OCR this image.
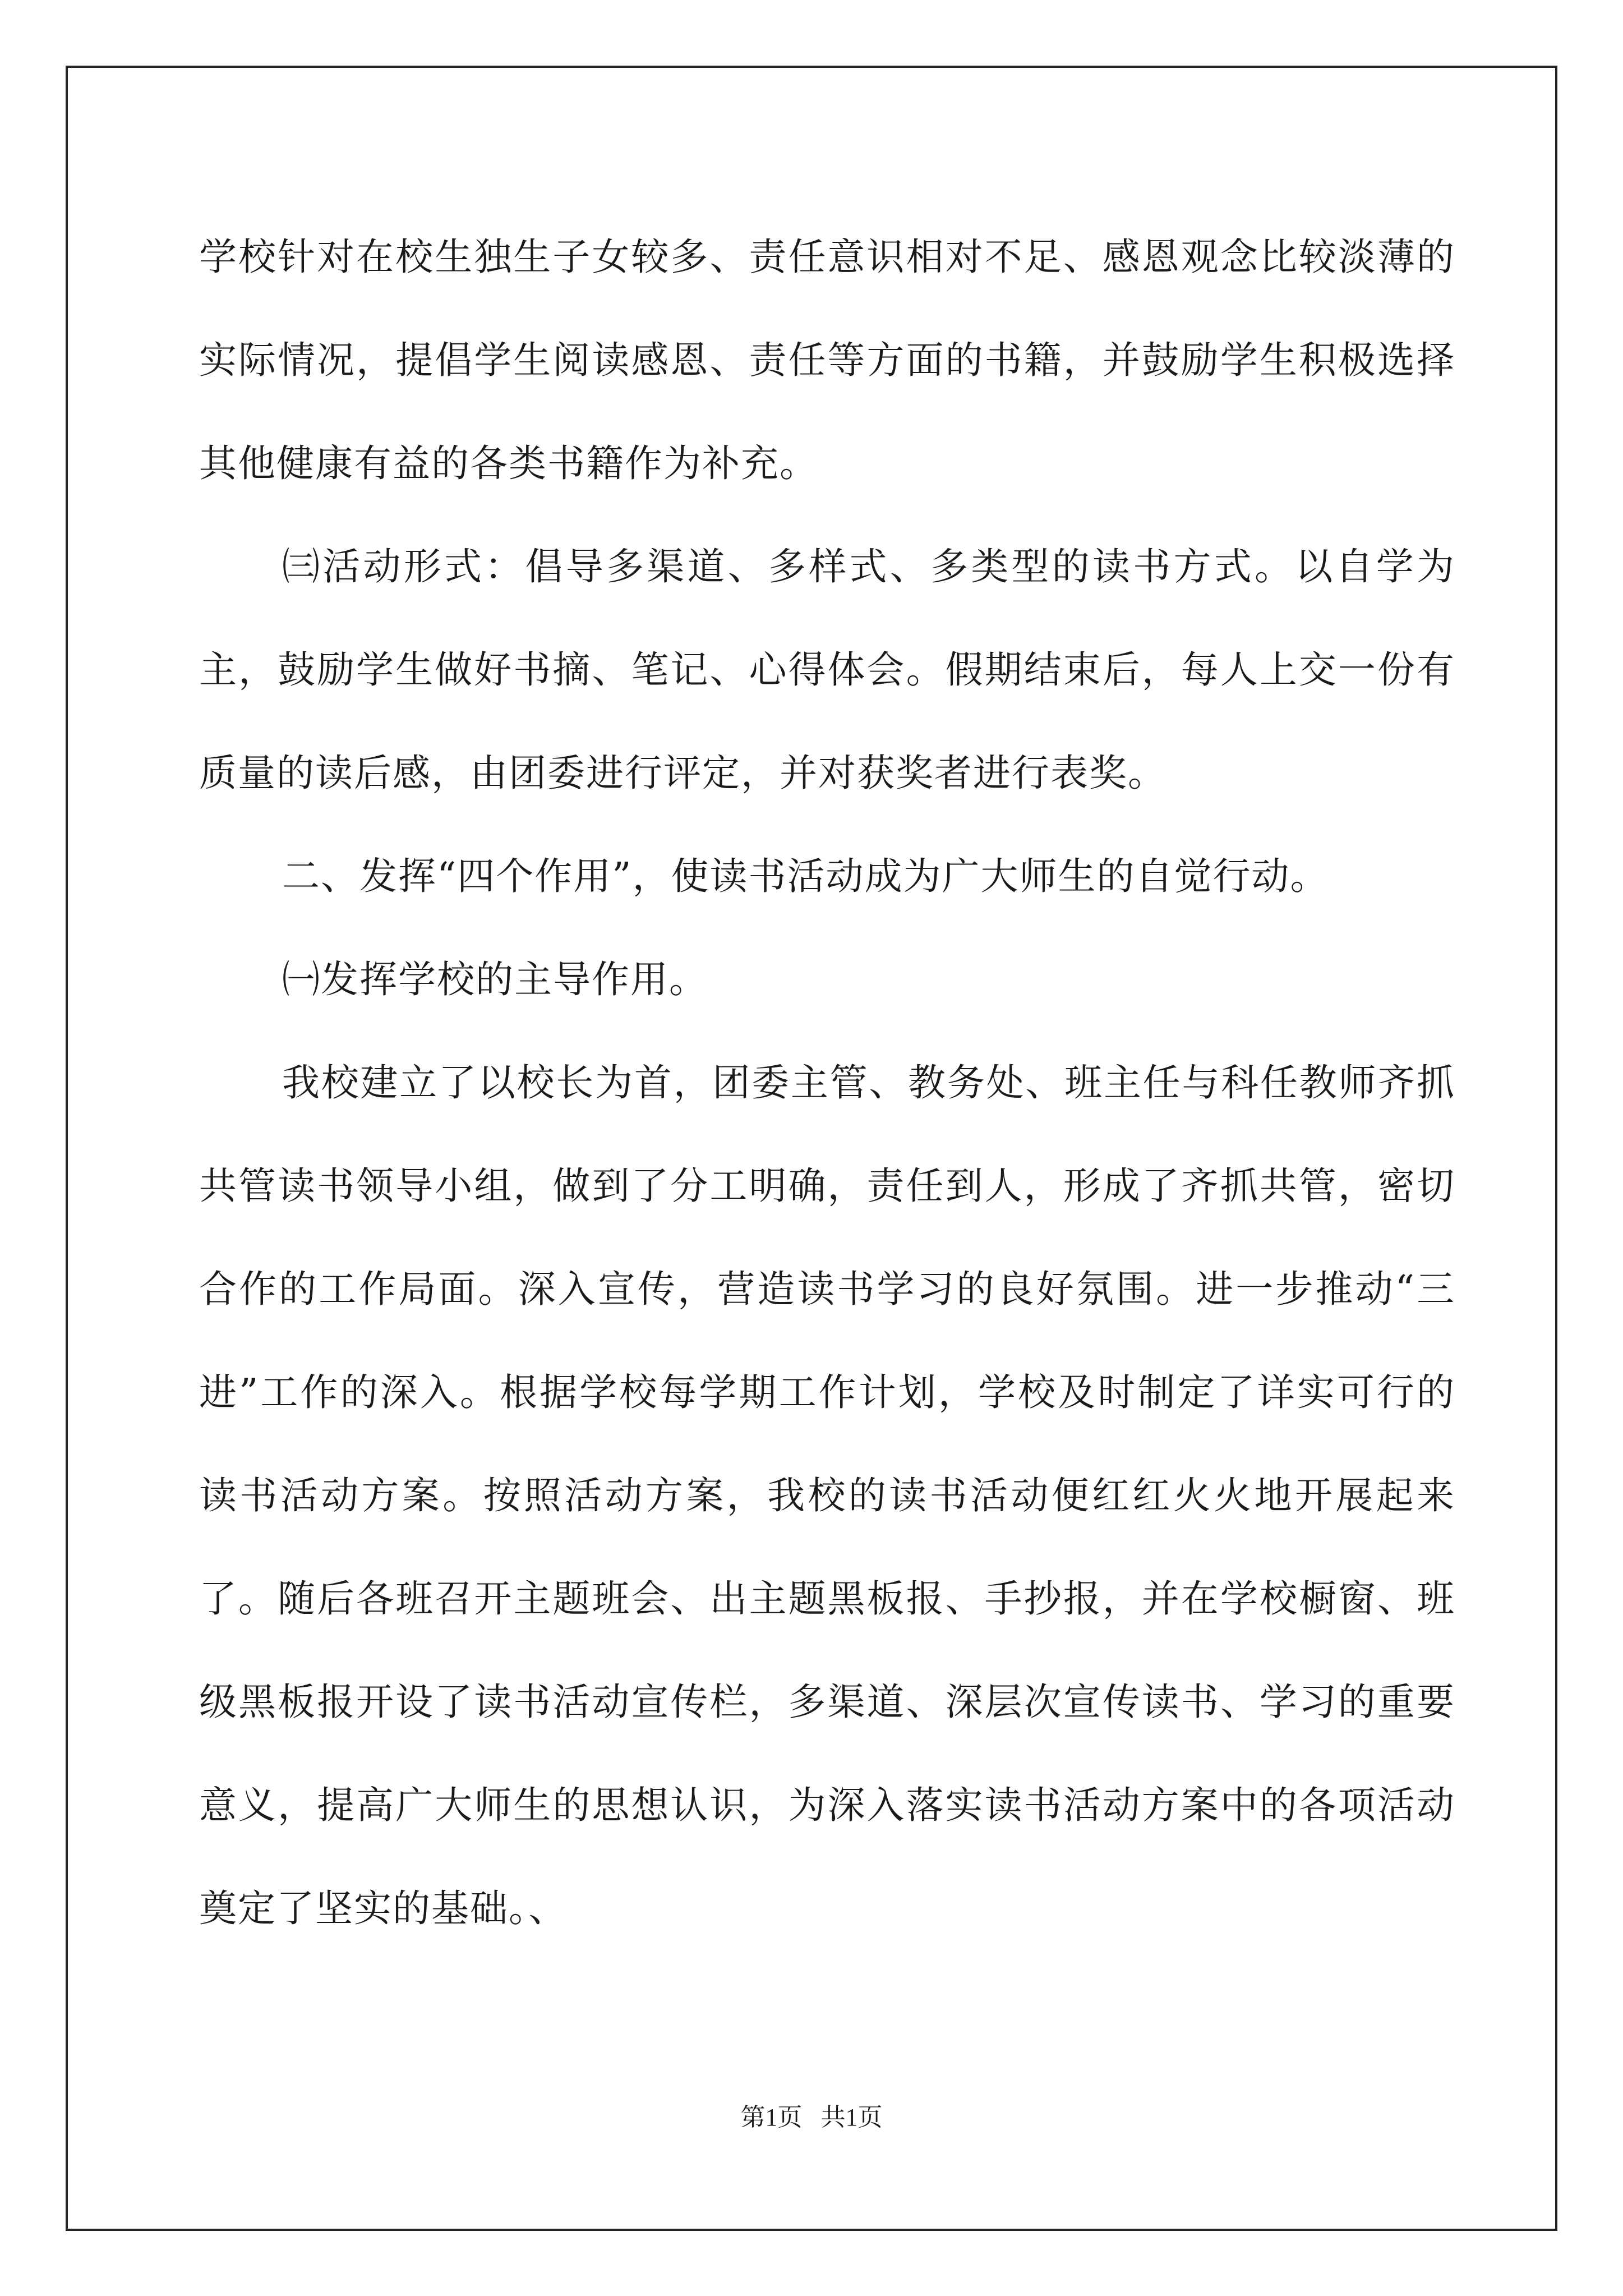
学校针对在校生独生子女较多、责任意识相对不足、感恩观念比较淡薄的实际情况，提倡学生阅读感恩、责任等方面的书籍，并鼓励学生积极选择其他健康有益的各类书籍作为补充。

㈢活动形式：倡导多渠道、多样式、多类型的读书方式。以自学为主，鼓励学生做好书摘、笔记、心得体会。假期结束后，每人上交一份有质量的读后感，由团委进行评定，并对获奖者进行表奖。

二、发挥“四个作用”，使读书活动成为广大师生的自觉行动。

㈠发挥学校的主导作用。

我校建立了以校长为首，团委主管、教务处、班主任与科任教师齐抓共管读书领导小组，做到了分工明确，责任到人，形成了齐抓共管，密切合作的工作局面。深入宣传，营造读书学习的良好氛围。进一步推动“三进”工作的深入。根据学校每学期工作计划，学校及时制定了详实可行的读书活动方案。按照活动方案，我校的读书活动便红红火火地开展起来了。随后各班召开主题班会、出主题黑板报、手抄报，并在学校橱窗、班级黑板报开设了读书活动宣传栏，多渠道、深层次宣传读书、学习的重要意义，提高广大师生的思想认识，为深入落实读书活动方案中的各项活动奠定了坚实的基础。、

第1页   共1页
